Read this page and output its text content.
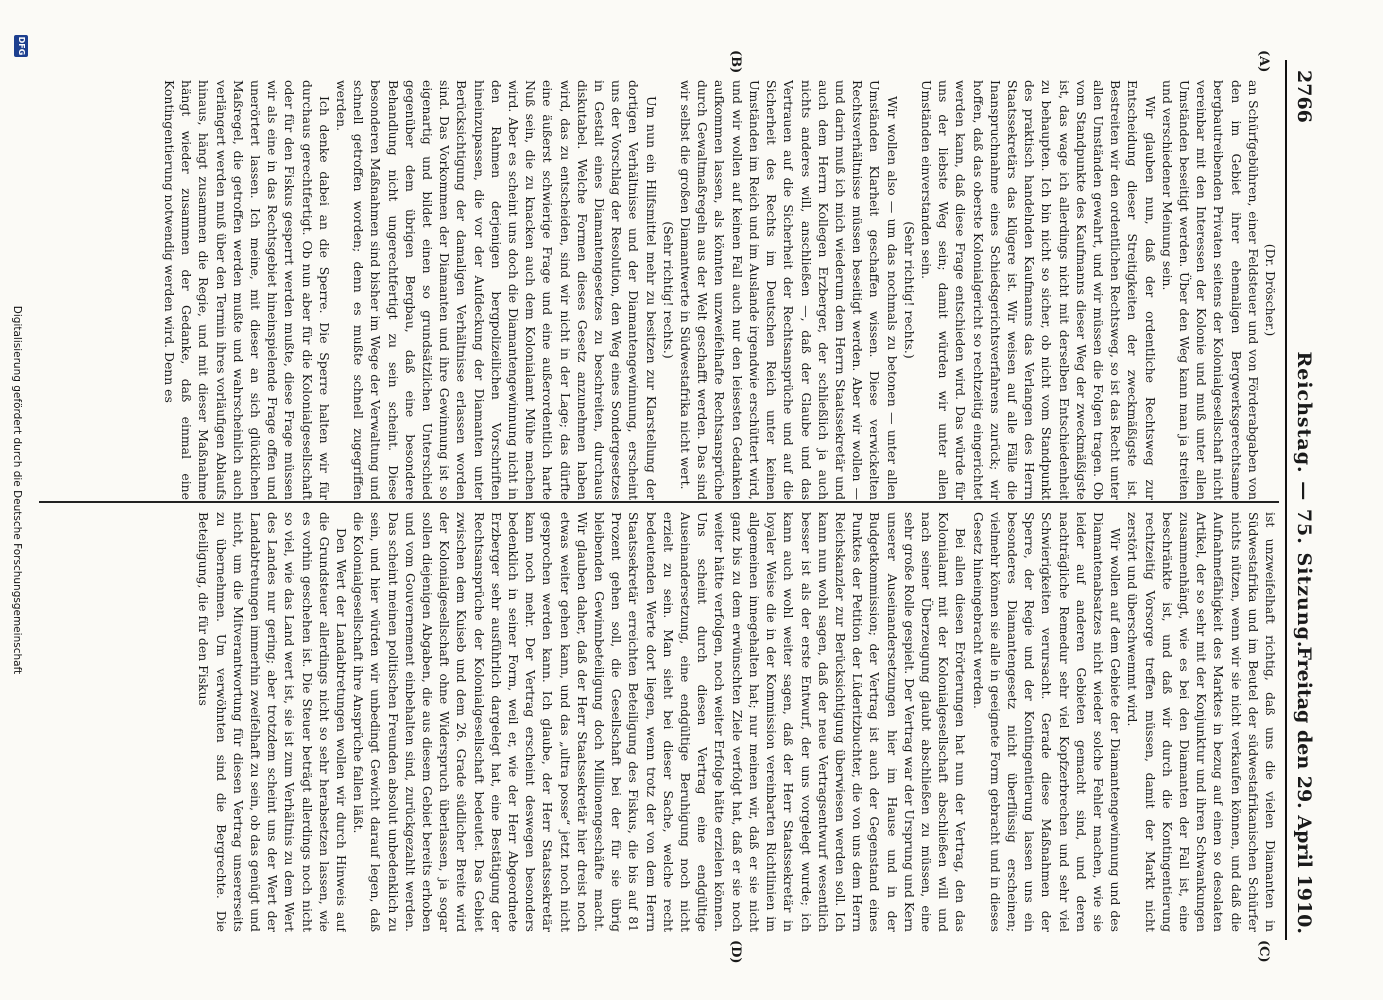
2766
Reichstag. — 75. Sitzung.
Freitag den 29. April 1910.
(A)
(B)
(C)
(D)

(Dr. Dröscher.)

an Schürfgebühren, einer Feldsteuer und von Förderabgaben von den im Gebiet ihrer ehemaligen Bergwerksgerechtsame bergbautreibenden Privaten seitens der Kolonialgesellschaft nicht vereinbar mit den Interessen der Kolonie und muß unter allen Umständen beseitigt werden. Über den Weg kann man ja streiten und verschiedener Meinung sein.

Wir glauben nun, daß der ordentliche Rechtsweg zur Entscheidung dieser Streitigkeiten der zweckmäßigste ist. Bestreiten wir den ordentlichen Rechtsweg, so ist das Recht unter allen Umständen gewahrt, und wir müssen die Folgen tragen. Ob vom Standpunkte des Kaufmanns dieser Weg der zweckmäßigste ist, das wage ich allerdings nicht mit derselben Entschiedenheit zu behaupten. Ich bin nicht so sicher, ob nicht vom Standpunkt des praktisch handelnden Kaufmanns das Verlangen des Herrn Staatssekretärs das klügere ist. Wir weisen auf alle Fälle die Inanspruchnahme eines Schiedsgerichtsverfahrens zurück; wir hoffen, daß das oberste Kolonialgericht so rechtzeitig eingerichtet werden kann, daß diese Frage entschieden wird. Das würde für uns der liebste Weg sein; damit würden wir unter allen Umständen einverstanden sein.

(Sehr richtig! rechts.)

Wir wollen also — um das nochmals zu betonen — unter allen Umständen Klarheit geschaffen wissen. Diese verwickelten Rechtsverhältnisse müssen beseitigt werden. Aber wir wollen — und darin muß ich mich wiederum dem Herrn Staatssekretär und auch dem Herrn Kollegen Erzberger, der schließlich ja auch nichts anderes will, anschließen —, daß der Glaube und das Vertrauen auf die Sicherheit der Rechtsansprüche und auf die Sicherheit des Rechts im Deutschen Reich unter keinen Umständen im Reich und im Auslande irgendwie erschüttert wird, und wir wollen auf keinen Fall auch nur den leisesten Gedanken aufkommen lassen, als könnten unzweifelhafte Rechtsansprüche durch Gewaltmaßregeln aus der Welt geschafft werden. Das sind wir selbst die großen Diamantwerte in Südwestafrika nicht wert.

(Sehr richtig! rechts.)

Um nun ein Hilfsmittel mehr zu besitzen zur Klarstellung der dortigen Verhältnisse und der Diamantengewinnung, erscheint uns der Vorschlag der Resolution, den Weg eines Sondergesetzes in Gestalt eines Diamantengesetzes zu beschreiten, durchaus diskutabel. Welche Formen dieses Gesetz anzunehmen haben wird, das zu entscheiden, sind wir nicht in der Lage; das dürfte eine äußerst schwierige Frage und eine außerordentlich harte Nuß sein, die zu knacken auch dem Kolonialamt Mühe machen wird. Aber es scheint uns doch die Diamantengewinnung nicht in den Rahmen derjenigen bergpolizeilichen Vorschriften hineinzupassen, die vor der Aufdeckung der Diamanten unter Berücksichtigung der damaligen Verhältnisse erlassen worden sind. Das Vorkommen der Diamanten und ihre Gewinnung ist so eigenartig und bildet einen so grundsätzlichen Unterschied gegenüber dem übrigen Bergbau, daß eine besondere Behandlung nicht ungerechtfertigt zu sein scheint. Diese besonderen Maßnahmen sind bisher im Wege der Verwaltung und schnell getroffen worden; denn es mußte schnell zugegriffen werden.

Ich denke dabei an die Sperre. Die Sperre halten wir für durchaus gerechtfertigt. Ob nun aber für die Kolonialgesellschaft oder für den Fiskus gesperrt werden mußte, diese Frage müssen wir als eine in das Rechtsgebiet hineinspielende Frage offen und unerörtert lassen. Ich meine, mit dieser an sich glücklichen Maßregel, die getroffen werden mußte und wahrscheinlich auch verlängert werden muß über den Termin ihres vorläufigen Ablaufs hinaus, hängt zusammen die Regie, und mit dieser Maßnahme hängt wieder zusammen der Gedanke, daß einmal eine Kontingentierung notwendig werden wird. Denn es

ist unzweifelhaft richtig, daß uns die vielen Diamanten in Südwestafrika und im Beutel der südwestafrikanischen Schürfer nichts nützen, wenn wir sie nicht verkaufen können, und daß die Aufnahmefähigkeit des Marktes in bezug auf einen so desolaten Artikel, der so sehr mit der Konjunktur und ihren Schwankungen zusammenhängt, wie es bei den Diamanten der Fall ist, eine beschränkte ist, und daß wir durch die Kontingentierung rechtzeitig Vorsorge treffen müssen, damit der Markt nicht zerstört und überschwemmt wird.

Wir wollen auf dem Gebiete der Diamantengewinnung und des Diamantenabsatzes nicht wieder solche Fehler machen, wie sie leider auf anderen Gebieten gemacht sind, und deren nachträgliche Remedur sehr viel Kopfzerbrechen und sehr viel Schwierigkeiten verursacht. Gerade diese Maßnahmen der Sperre, der Regie und der Kontingentierung lassen uns ein besonderes Diamantengesetz nicht überflüssig erscheinen; vielmehr können sie alle in geeignete Form gebracht und in dieses Gesetz hineingebracht werden.

Bei allen diesen Erörterungen hat nun der Vertrag, den das Kolonialamt mit der Kolonialgesellschaft abschließen will und nach seiner Überzeugung glaubt abschließen zu müssen, eine sehr große Rolle gespielt. Der Vertrag war der Ursprung und Kern unserer Auseinandersetzungen hier im Hause und in der Budgetkommission; der Vertrag ist auch der Gegenstand eines Punktes der Petition der Lüderitzbuchter, die von uns dem Herrn Reichskanzler zur Berücksichtigung überwiesen werden soll. Ich kann nun wohl sagen, daß der neue Vertragsentwurf wesentlich besser ist als der erste Entwurf, der uns vorgelegt wurde; ich kann auch wohl weiter sagen, daß der Herr Staatssekretär in loyaler Weise die in der Kommission vereinbarten Richtlinien im allgemeinen innegehalten hat; nur meinen wir, daß er sie nicht ganz bis zu dem erwünschten Ziele verfolgt hat, daß er sie noch weiter hätte verfolgen, noch weiter Erfolge hätte erzielen können. Uns scheint durch diesen Vertrag eine endgültige Auseinandersetzung, eine endgültige Beruhigung noch nicht erzielt zu sein. Man sieht bei dieser Sache, welche recht bedeutenden Werte dort liegen, wenn trotz der von dem Herrn Staatssekretär erreichten Beteiligung des Fiskus, die bis auf 81 Prozent gehen soll, die Gesellschaft bei der für sie übrig bleibenden Gewinnbeteiligung doch Millionengeschäfte macht. Wir glauben daher, daß der Herr Staatssekretär hier dreist noch etwas weiter gehen kann, und das „ultra posse“ jetzt noch nicht gesprochen werden kann. Ich glaube, der Herr Staatssekretär kann noch mehr. Der Vertrag erscheint deswegen besonders bedenklich in seiner Form, weil er, wie der Herr Abgeordnete Erzberger sehr ausführlich dargelegt hat, eine Bestätigung der Rechtsansprüche der Kolonialgesellschaft bedeutet. Das Gebiet zwischen dem Kuiseb und dem 26. Grade südlicher Breite wird der Kolonialgesellschaft ohne Widerspruch überlassen, ja sogar sollen diejenigen Abgaben, die aus diesem Gebiet bereits erhoben und vom Gouvernement einbehalten sind, zurückgezahlt werden. Das scheint meinen politischen Freunden absolut unbedenklich zu sein, und hier würden wir unbedingt Gewicht darauf legen, daß die Kolonialgesellschaft ihre Ansprüche fallen läßt.

Den Wert der Landabtretungen wollen wir durch Hinweis auf die Grundsteuer allerdings nicht so sehr herabsetzen lassen, wie es vorhin geschehen ist. Die Steuer beträgt allerdings noch nicht so viel, wie das Land wert ist, sie ist zum Verhältnis zu dem Wert des Landes nur gering; aber trotzdem scheint uns der Wert der Landabtretungen immerhin zweifelhaft zu sein, ob das genügt und nicht, um die Mitverantwortung für diesen Vertrag unsererseits zu übernehmen. Um verwöhnten sind die Bergrechte. Die Beteiligung, die für den Fiskus

DFG
Digitalisierung gefördert durch die Deutsche Forschungsgemeinschaft
